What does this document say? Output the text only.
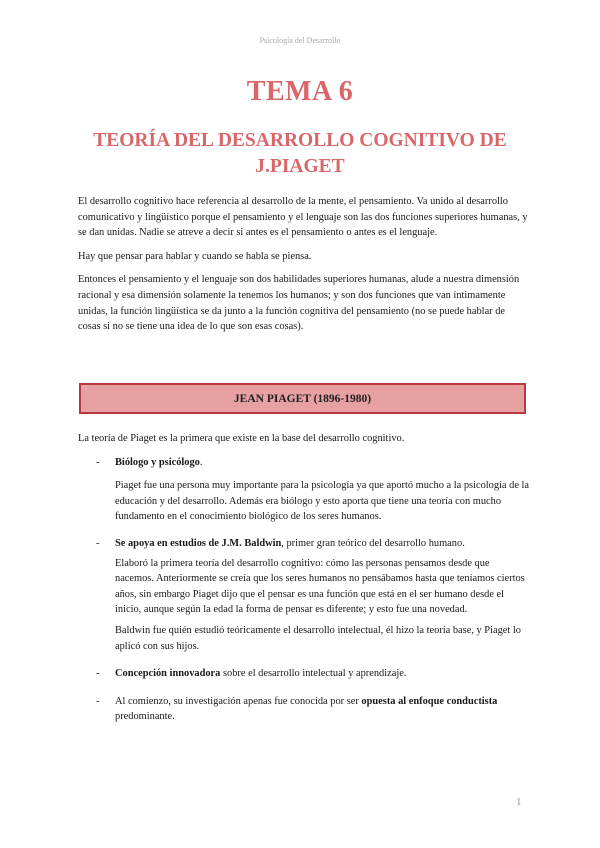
Psicología del Desarrollo
TEMA 6
TEORÍA DEL DESARROLLO COGNITIVO DE J.PIAGET

El desarrollo cognitivo hace referencia al desarrollo de la mente, el pensamiento. Va unido al desarrollo comunicativo y lingüístico porque el pensamiento y el lenguaje son las dos funciones superiores humanas, y se dan unidas. Nadie se atreve a decir si antes es el pensamiento o antes es el lenguaje.

Hay que pensar para hablar y cuando se habla se piensa.

Entonces el pensamiento y el lenguaje son dos habilidades superiores humanas, alude a nuestra dimensión racional y esa dimensión solamente la tenemos los humanos; y son dos funciones que van íntimamente unidas, la función lingüística se da junto a la función cognitiva del pensamiento (no se puede hablar de cosas si no se tiene una idea de lo que son esas cosas).

JEAN PIAGET (1896-1980)

La teoría de Piaget es la primera que existe en la base del desarrollo cognitivo.

- Biólogo y psicólogo.

Piaget fue una persona muy importante para la psicología ya que aportó mucho a la psicología de la educación y del desarrollo. Además era biólogo y esto aporta que tiene una teoría con mucho fundamento en el conocimiento biológico de los seres humanos.

- Se apoya en estudios de J.M. Baldwin, primer gran teórico del desarrollo humano.

Elaboró la primera teoría del desarrollo cognitivo: cómo las personas pensamos desde que nacemos. Anteriormente se creía que los seres humanos no pensábamos hasta que teníamos ciertos años, sin embargo Piaget dijo que el pensar es una función que está en el ser humano desde el inicio, aunque según la edad la forma de pensar es diferente; y esto fue una novedad.

Baldwin fue quién estudió teóricamente el desarrollo intelectual, él hizo la teoría base, y Piaget lo aplicó con sus hijos.

- Concepción innovadora sobre el desarrollo intelectual y aprendizaje.
- Al comienzo, su investigación apenas fue conocida por ser opuesta al enfoque conductista predominante.
1
